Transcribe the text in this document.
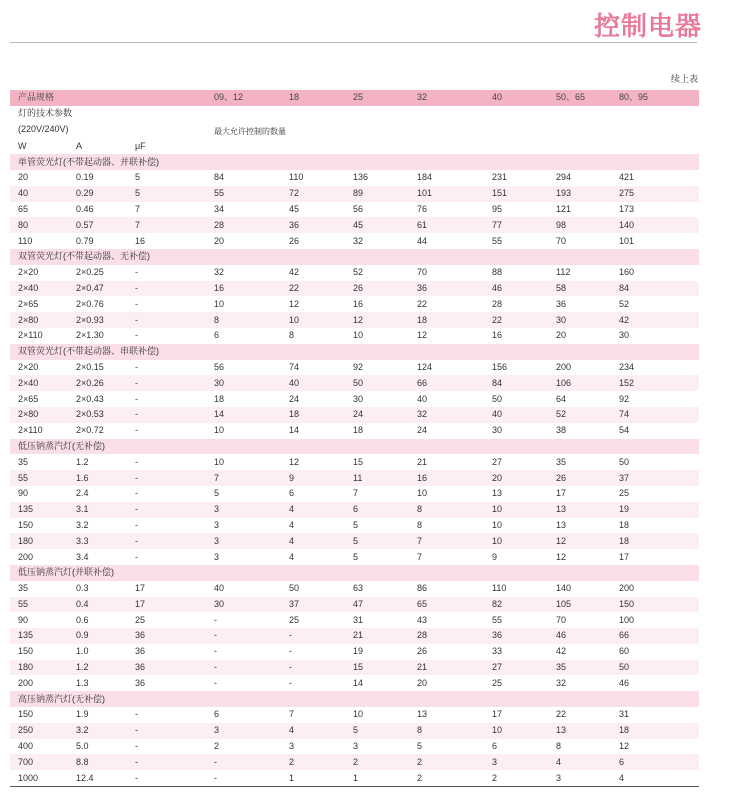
控制电器
续上表
产品规格			09、12	18	25	32	40	50、65	80、95
灯的技术参数									
(220V/240V)			最大允许控制的数量						
W	A	μF							
单管荧光灯(不带起动器、并联补偿)									
20	0.19	5	84	110	136	184	231	294	421
40	0.29	5	55	72	89	101	151	193	275
65	0.46	7	34	45	56	76	95	121	173
80	0.57	7	28	36	45	61	77	98	140
110	0.79	16	20	26	32	44	55	70	101
双管荧光灯(不带起动器、无补偿)									
2×20	2×0.25	-	32	42	52	70	88	112	160
2×40	2×0.47	-	16	22	26	36	46	58	84
2×65	2×0.76	-	10	12	16	22	28	36	52
2×80	2×0.93	-	8	10	12	18	22	30	42
2×110	2×1.30	-	6	8	10	12	16	20	30
双管荧光灯(不带起动器、串联补偿)									
2×20	2×0.15	-	56	74	92	124	156	200	234
2×40	2×0.26	-	30	40	50	66	84	106	152
2×65	2×0.43	-	18	24	30	40	50	64	92
2×80	2×0.53	-	14	18	24	32	40	52	74
2×110	2×0.72	-	10	14	18	24	30	38	54
低压钠蒸汽灯(无补偿)									
35	1.2	-	10	12	15	21	27	35	50
55	1.6	-	7	9	11	16	20	26	37
90	2.4	-	5	6	7	10	13	17	25
135	3.1	-	3	4	6	8	10	13	19
150	3.2	-	3	4	5	8	10	13	18
180	3.3	-	3	4	5	7	10	12	18
200	3.4	-	3	4	5	7	9	12	17
低压钠蒸汽灯(并联补偿)									
35	0.3	17	40	50	63	86	110	140	200
55	0.4	17	30	37	47	65	82	105	150
90	0.6	25	-	25	31	43	55	70	100
135	0.9	36	-	-	21	28	36	46	66
150	1.0	36	-	-	19	26	33	42	60
180	1.2	36	-	-	15	21	27	35	50
200	1.3	36	-	-	14	20	25	32	46
高压钠蒸汽灯(无补偿)									
150	1.9	-	6	7	10	13	17	22	31
250	3.2	-	3	4	5	8	10	13	18
400	5.0	-	2	3	3	5	6	8	12
700	8.8	-	-	2	2	2	3	4	6
1000	12.4	-	-	1	1	2	2	3	4
